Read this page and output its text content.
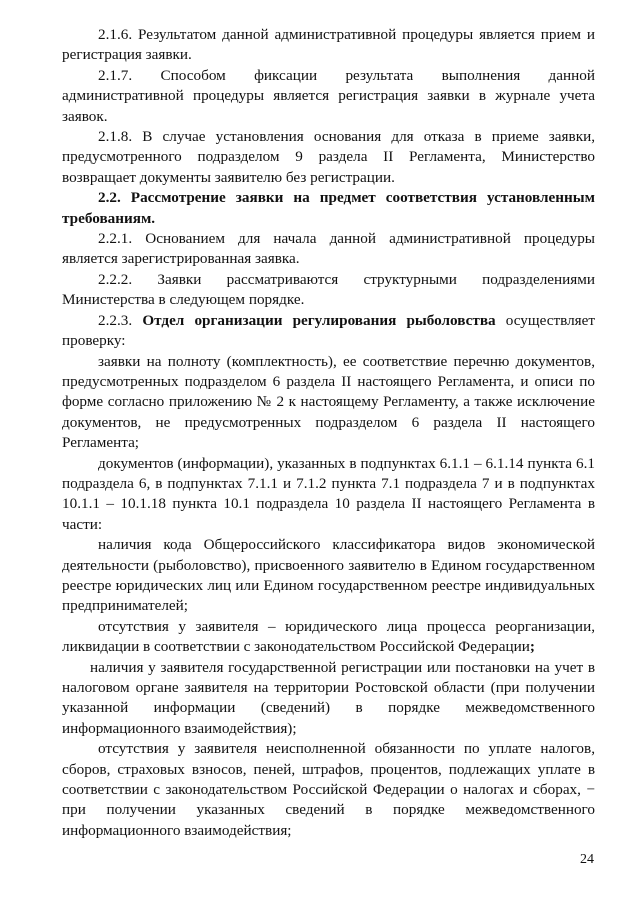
2.1.6. Результатом данной административной процедуры является прием и регистрация заявки.

2.1.7. Способом фиксации результата выполнения данной административной процедуры является регистрация заявки в журнале учета заявок.

2.1.8. В случае установления основания для отказа в приеме заявки, предусмотренного подразделом 9 раздела II Регламента, Министерство возвращает документы заявителю без регистрации.

2.2. Рассмотрение заявки на предмет соответствия установленным требованиям.

2.2.1. Основанием для начала данной административной процедуры является зарегистрированная заявка.

2.2.2. Заявки рассматриваются структурными подразделениями Министерства в следующем порядке.

2.2.3. Отдел организации регулирования рыболовства осуществляет проверку:

заявки на полноту (комплектность), ее соответствие перечню документов, предусмотренных подразделом 6 раздела II настоящего Регламента, и описи по форме согласно приложению № 2 к настоящему Регламенту, а также исключение документов, не предусмотренных подразделом 6 раздела II настоящего Регламента;

документов (информации), указанных в подпунктах 6.1.1 – 6.1.14 пункта 6.1 подраздела 6, в подпунктах 7.1.1 и 7.1.2 пункта 7.1 подраздела 7 и в подпунктах 10.1.1 – 10.1.18 пункта 10.1 подраздела 10 раздела II настоящего Регламента в части:

наличия кода Общероссийского классификатора видов экономической деятельности (рыболовство), присвоенного заявителю в Едином государственном реестре юридических лиц или Едином государственном реестре индивидуальных предпринимателей;

отсутствия у заявителя – юридического лица процесса реорганизации, ликвидации в соответствии с законодательством Российской Федерации;

наличия у заявителя государственной регистрации или постановки на учет в налоговом органе заявителя на территории Ростовской области (при получении указанной информации (сведений) в порядке межведомственного информационного взаимодействия);

отсутствия у заявителя неисполненной обязанности по уплате налогов, сборов, страховых взносов, пеней, штрафов, процентов, подлежащих уплате в соответствии с законодательством Российской Федерации о налогах и сборах, − при получении указанных сведений в порядке межведомственного информационного взаимодействия;

24
